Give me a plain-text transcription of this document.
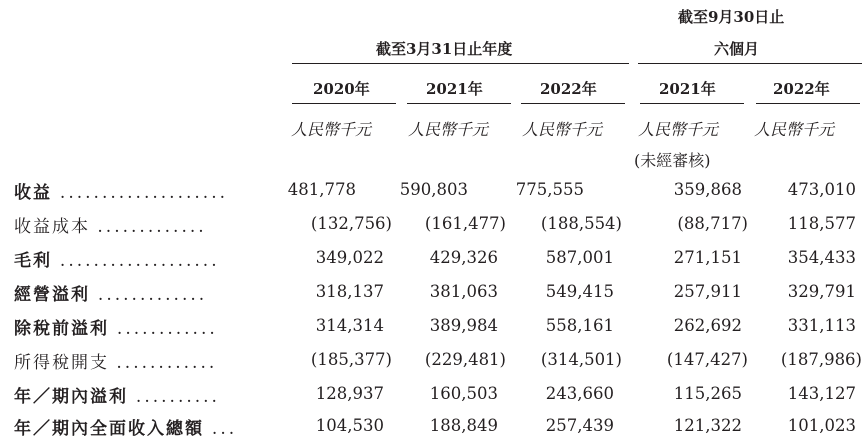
截至9月30日止
截至3月31日止年度	六個月
2020年	2021年	2022年	2021年	2022年
人民幣千元 人民幣千元 人民幣千元 人民幣千元 人民幣千元
(未經審核)
收益 ....................	481,778	590,803	775,555	359,868	473,010
收益成本 .............	(132,756) (161,477) (188,554)	(88,717) 118,577
毛利 ...................	349,022	429,326	587,001	271,151	354,433
經營溢利 .............	318,137	381,063	549,415	257,911	329,791
除稅前溢利 ............	314,314	389,984	558,161	262,692	331,113
所得稅開支 ............	(185,377) (229,481) (314,501)	(147,427) (187,986)
年／期內溢利 ..........	128,937	160,503	243,660	115,265	143,127
年／期內全面收入總額 ...	104,530	188,849	257,439	121,322	101,023
